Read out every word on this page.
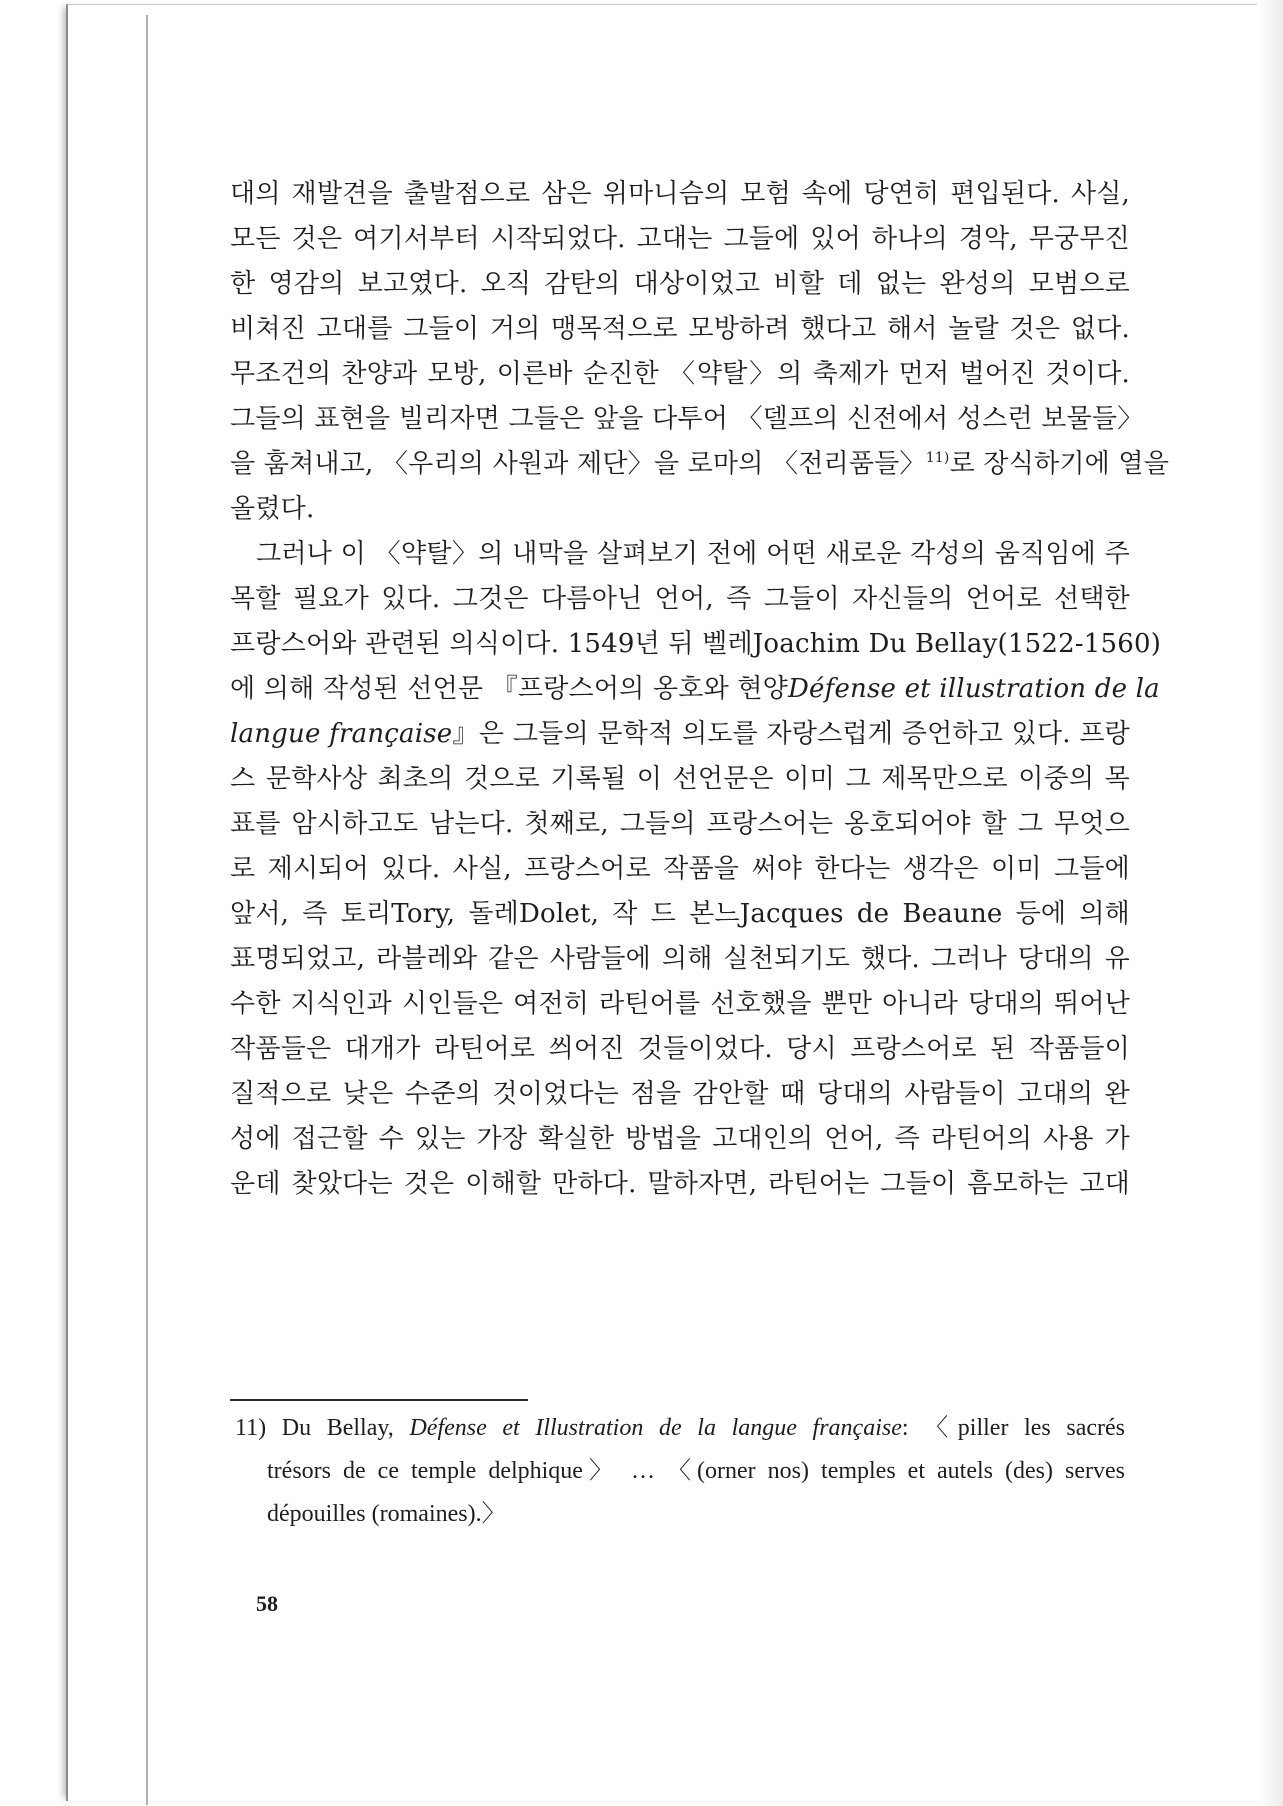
대의 재발견을 출발점으로 삼은 위마니슴의 모험 속에 당연히 편입된다. 사실,
모든 것은 여기서부터 시작되었다. 고대는 그들에 있어 하나의 경악, 무궁무진
한 영감의 보고였다. 오직 감탄의 대상이었고 비할 데 없는 완성의 모범으로
비쳐진 고대를 그들이 거의 맹목적으로 모방하려 했다고 해서 놀랄 것은 없다.
무조건의 찬양과 모방, 이른바 순진한 〈약탈〉의 축제가 먼저 벌어진 것이다.
그들의 표현을 빌리자면 그들은 앞을 다투어 〈델프의 신전에서 성스런 보물들〉
을 훔쳐내고, 〈우리의 사원과 제단〉을 로마의 〈전리품들〉$^{11)}$로 장식하기에 열을
올렸다.
그러나 이 〈약탈〉의 내막을 살펴보기 전에 어떤 새로운 각성의 움직임에 주
목할 필요가 있다. 그것은 다름아닌 언어, 즉 그들이 자신들의 언어로 선택한
프랑스어와 관련된 의식이다. 1549년 뒤 벨레Joachim Du Bellay(1522-1560)
에 의해 작성된 선언문 『프랑스어의 옹호와 현양Défense et illustration de la
langue française』은 그들의 문학적 의도를 자랑스럽게 증언하고 있다. 프랑
스 문학사상 최초의 것으로 기록될 이 선언문은 이미 그 제목만으로 이중의 목
표를 암시하고도 남는다. 첫째로, 그들의 프랑스어는 옹호되어야 할 그 무엇으
로 제시되어 있다. 사실, 프랑스어로 작품을 써야 한다는 생각은 이미 그들에
앞서, 즉 토리Tory, 돌레Dolet, 작 드 본느Jacques de Beaune 등에 의해
표명되었고, 라블레와 같은 사람들에 의해 실천되기도 했다. 그러나 당대의 유
수한 지식인과 시인들은 여전히 라틴어를 선호했을 뿐만 아니라 당대의 뛰어난
작품들은 대개가 라틴어로 씌어진 것들이었다. 당시 프랑스어로 된 작품들이
질적으로 낮은 수준의 것이었다는 점을 감안할 때 당대의 사람들이 고대의 완
성에 접근할 수 있는 가장 확실한 방법을 고대인의 언어, 즉 라틴어의 사용 가
운데 찾았다는 것은 이해할 만하다. 말하자면, 라틴어는 그들이 흠모하는 고대
11) Du Bellay, Défense et Illustration de la langue française: 〈piller les sacrés
trésors de ce temple delphique〉 … 〈(orner nos) temples et autels (des) serves
dépouilles (romaines).〉
58
